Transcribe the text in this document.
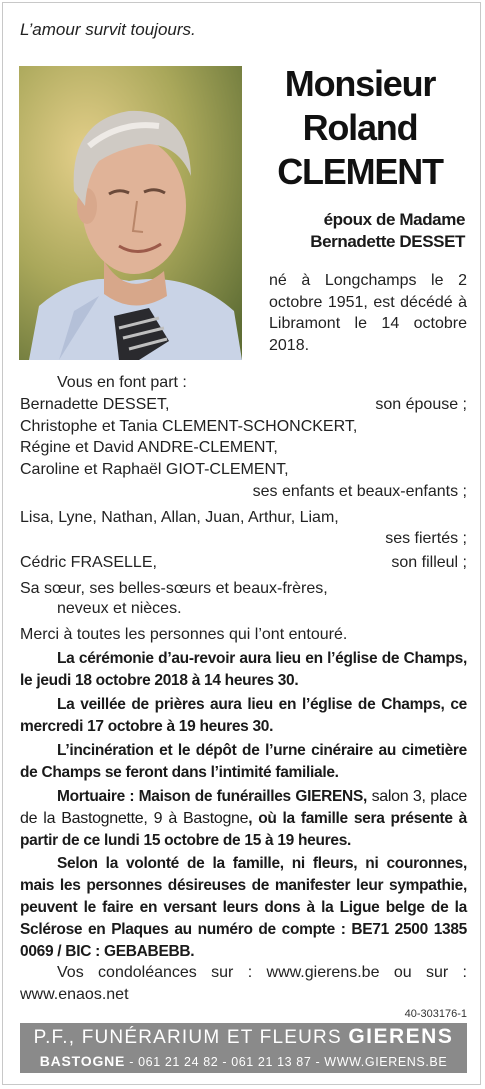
L’amour survit toujours.
Monsieur
Roland
CLEMENT
époux de Madame
Bernadette DESSET
né à Longchamps le 2 octobre 1951, est décédé à Libramont le 14 octobre 2018.
Vous en font part :
Bernadette DESSET,	son épouse ;
Christophe et Tania CLEMENT-SCHONCKERT,
Régine et David ANDRE-CLEMENT,
Caroline et Raphaël GIOT-CLEMENT,
ses enfants et beaux-enfants ;
Lisa, Lyne, Nathan, Allan, Juan, Arthur, Liam,
ses fiertés ;
Cédric FRASELLE,	son filleul ;
Sa sœur, ses belles-sœurs et beaux-frères,
neveux et nièces.
Merci à toutes les personnes qui l’ont entouré.
La cérémonie d’au-revoir aura lieu en l’église de Champs, le jeudi 18 octobre 2018 à 14 heures 30.
La veillée de prières aura lieu en l’église de Champs, ce mercredi 17 octobre à 19 heures 30.
L’incinération et le dépôt de l’urne cinéraire au cimetière de Champs se feront dans l’intimité familiale.
Mortuaire : Maison de funérailles GIERENS, salon 3, place de la Bastognette, 9 à Bastogne, où la famille sera présente à partir de ce lundi 15 octobre de 15 à 19 heures.
Selon la volonté de la famille, ni fleurs, ni couronnes, mais les personnes désireuses de manifester leur sympathie, peuvent le faire en versant leurs dons à la Ligue belge de la Sclérose en Plaques au numéro de compte : BE71 2500 1385 0069 / BIC : GEBABEBB.
Vos condoléances sur : www.gierens.be ou sur : www.enaos.net
40-303176-1
P.F., FUNÉRARIUM ET FLEURS GIERENS
BASTOGNE - 061 21 24 82 - 061 21 13 87 - WWW.GIERENS.BE
